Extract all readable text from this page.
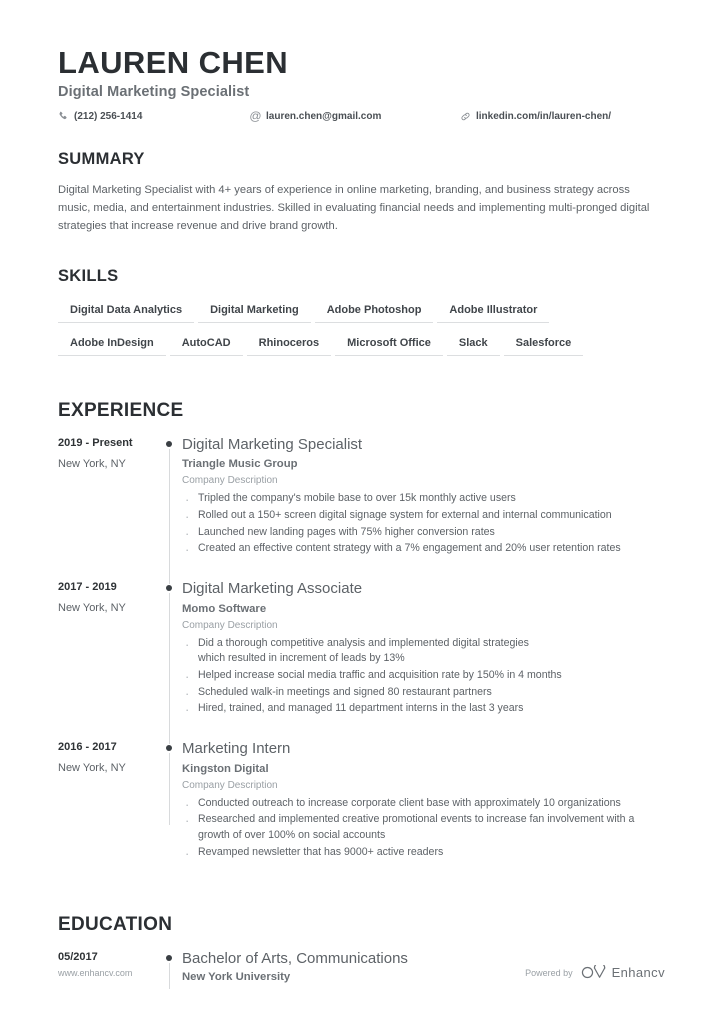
LAUREN CHEN
Digital Marketing Specialist
(212) 256-1414	@ lauren.chen@gmail.com	linkedin.com/in/lauren-chen/
SUMMARY

Digital Marketing Specialist with 4+ years of experience in online marketing, branding, and business strategy across music, media, and entertainment industries. Skilled in evaluating financial needs and implementing multi-pronged digital strategies that increase revenue and drive brand growth.

SKILLS
Digital Data Analytics	Digital Marketing	Adobe Photoshop	Adobe Illustrator
Adobe InDesign	AutoCAD	Rhinoceros	Microsoft Office	Slack	Salesforce
EXPERIENCE
2019 - Present
New York, NY
Digital Marketing Specialist
Triangle Music Group
Company Description
· Tripled the company's mobile base to over 15k monthly active users
· Rolled out a 150+ screen digital signage system for external and internal communication
· Launched new landing pages with 75% higher conversion rates
· Created an effective content strategy with a 7% engagement and 20% user retention rates
2017 - 2019
New York, NY
Digital Marketing Associate
Momo Software
Company Description
· Did a thorough competitive analysis and implemented digital strategies which resulted in increment of leads by 13%
· Helped increase social media traffic and acquisition rate by 150% in 4 months
· Scheduled walk-in meetings and signed 80 restaurant partners
· Hired, trained, and managed 11 department interns in the last 3 years
2016 - 2017
New York, NY
Marketing Intern
Kingston Digital
Company Description
· Conducted outreach to increase corporate client base with approximately 10 organizations
· Researched and implemented creative promotional events to increase fan involvement with a growth of over 100% on social accounts
· Revamped newsletter that has 9000+ active readers
EDUCATION
05/2017	Bachelor of Arts, Communications
New York University
www.enhancv.com	Powered by	Enhancv
